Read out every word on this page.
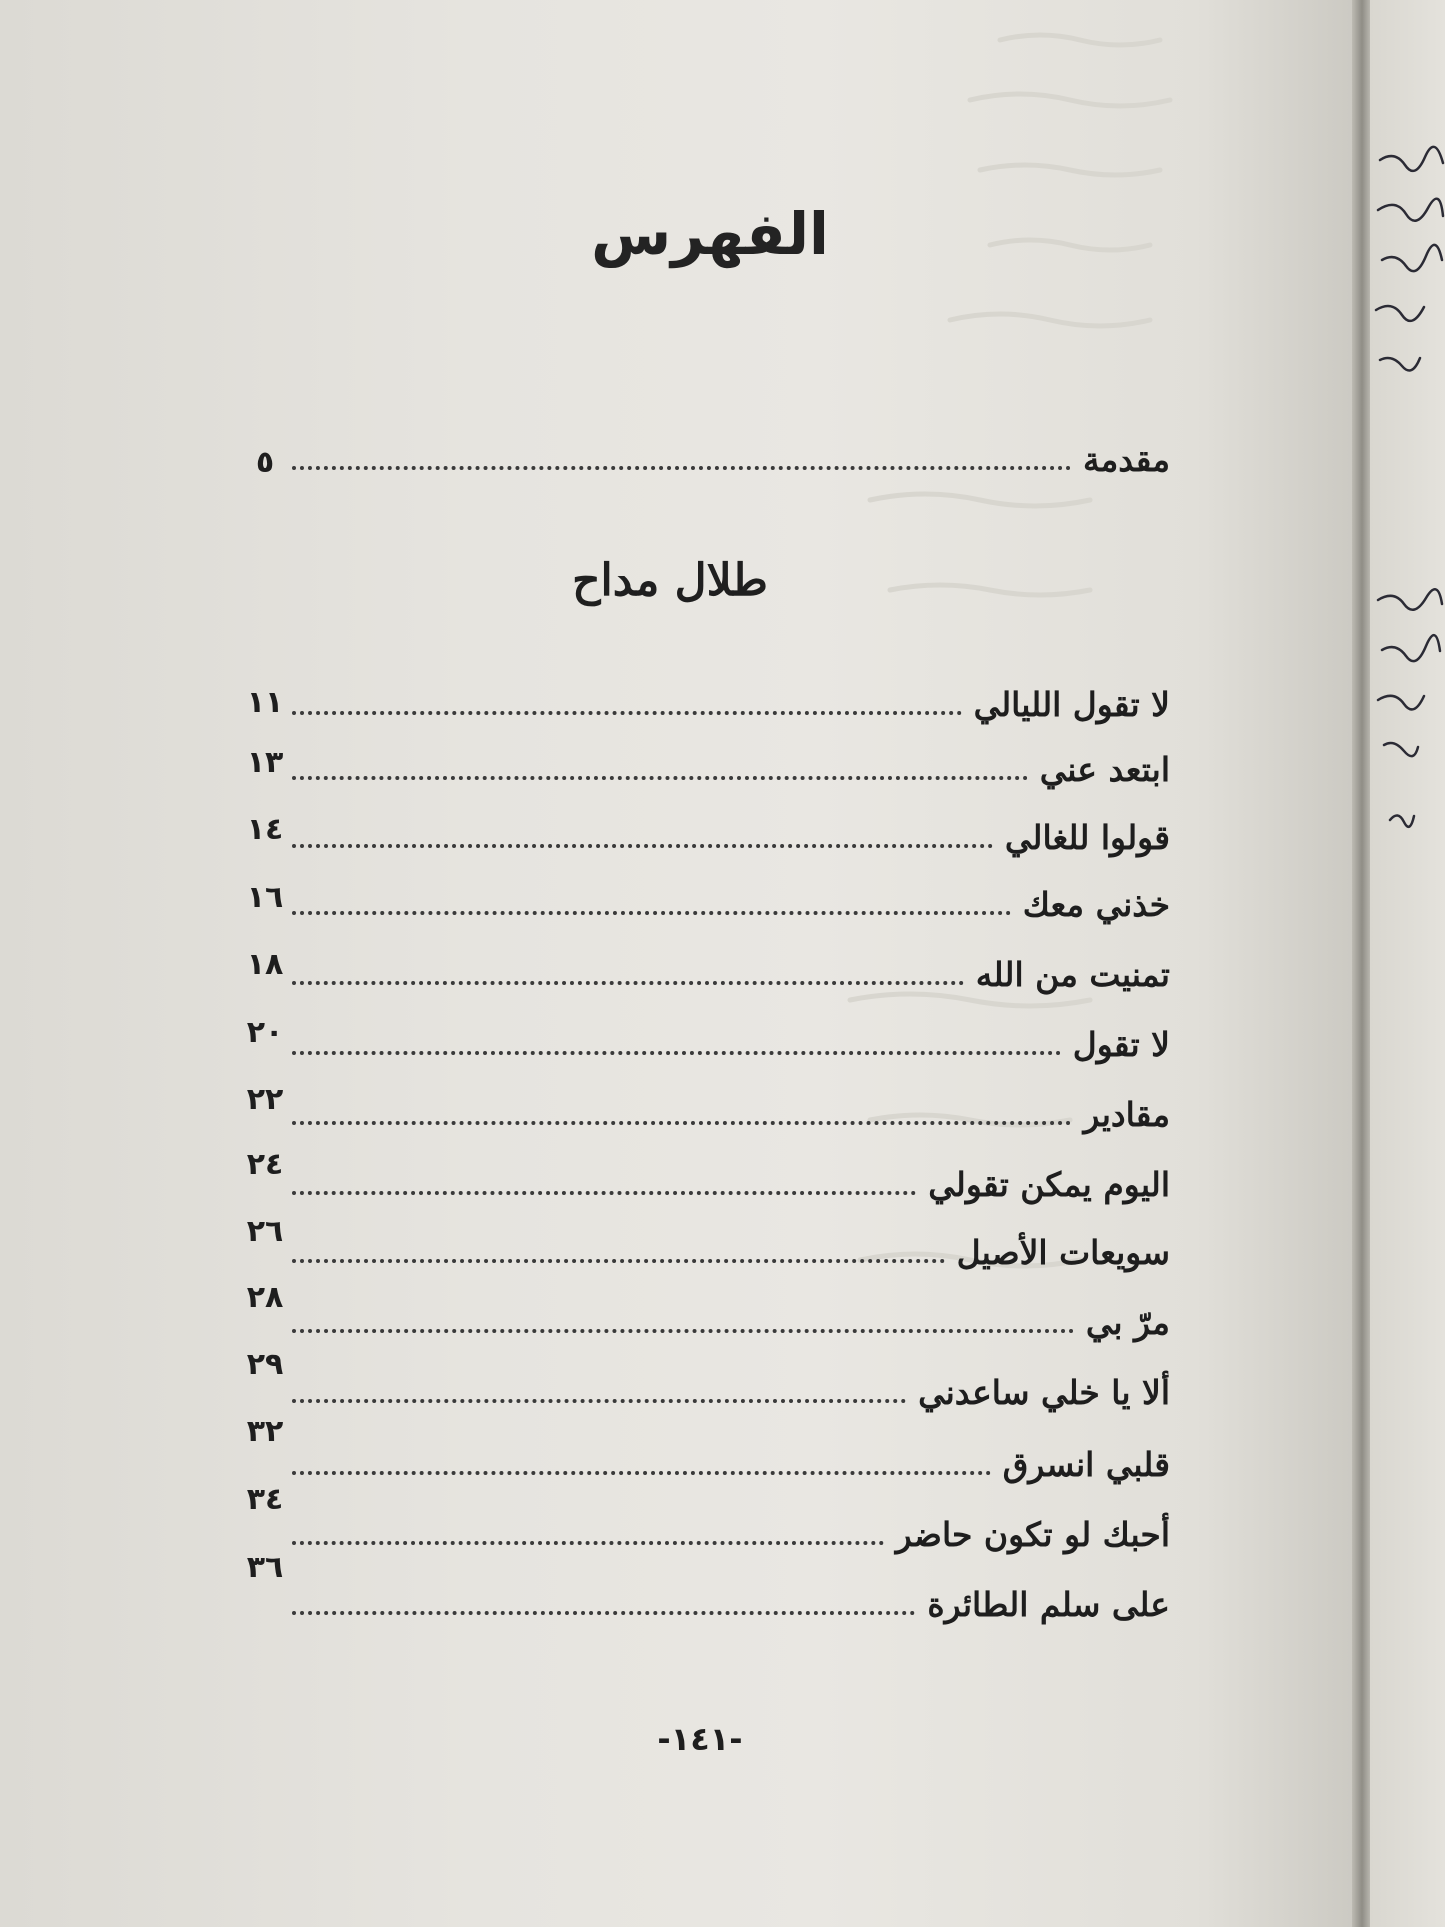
الفهرس
مقدمة
٥
طلال مداح
لا تقول الليالي
١١
ابتعد عني
١٣
قولوا للغالي
١٤
خذني معك
١٦
تمنيت من الله
١٨
لا تقول
٢٠
مقادير
٢٢
اليوم يمكن تقولي
٢٤
سويعات الأصيل
٢٦
مرّ بي
٢٨
ألا يا خلي ساعدني
٢٩
قلبي انسرق
٣٢
أحبك لو تكون حاضر
٣٤
على سلم الطائرة
٣٦
-١٤١-
